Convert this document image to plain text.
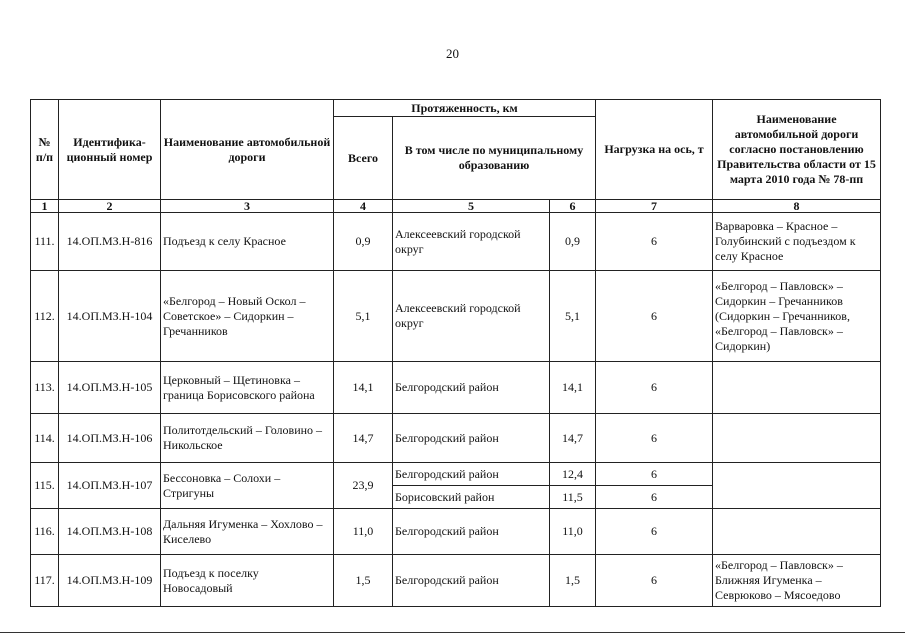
20
№ п/п	Идентифика-ционный номер	Наименование автомобильной дороги	Протяженность, км			Нагрузка на ось, т	Наименование автомобильной дороги согласно постановлению Правительства области от 15 марта 2010 года № 78-пп
			Всего	В том числе по муниципальному образованию			
1	2	3	4	5	6	7	8
111.	14.ОП.МЗ.Н-816	Подъезд к селу Красное	0,9	Алексеевский городской округ	0,9	6	Варваровка – Красное – Голубинский с подъездом к селу Красное
112.	14.ОП.МЗ.Н-104	«Белгород – Новый Оскол – Советское» – Сидоркин – Гречанников	5,1	Алексеевский городской округ	5,1	6	«Белгород – Павловск» – Сидоркин – Гречанников (Сидоркин – Гречанников, «Белгород – Павловск» – Сидоркин)
113.	14.ОП.МЗ.Н-105	Церковный – Щетиновка – граница Борисовского района	14,1	Белгородский район	14,1	6	
114.	14.ОП.МЗ.Н-106	Политотдельский – Головино – Никольское	14,7	Белгородский район	14,7	6	
115.	14.ОП.МЗ.Н-107	Бессоновка – Солохи – Стригуны	23,9	Белгородский район	12,4	6	
				Борисовский район	11,5	6	
116.	14.ОП.МЗ.Н-108	Дальняя Игуменка – Хохлово – Киселево	11,0	Белгородский район	11,0	6	
117.	14.ОП.МЗ.Н-109	Подъезд к поселку Новосадовый	1,5	Белгородский район	1,5	6	«Белгород – Павловск» – Ближняя Игуменка – Севрюково – Мясоедово
